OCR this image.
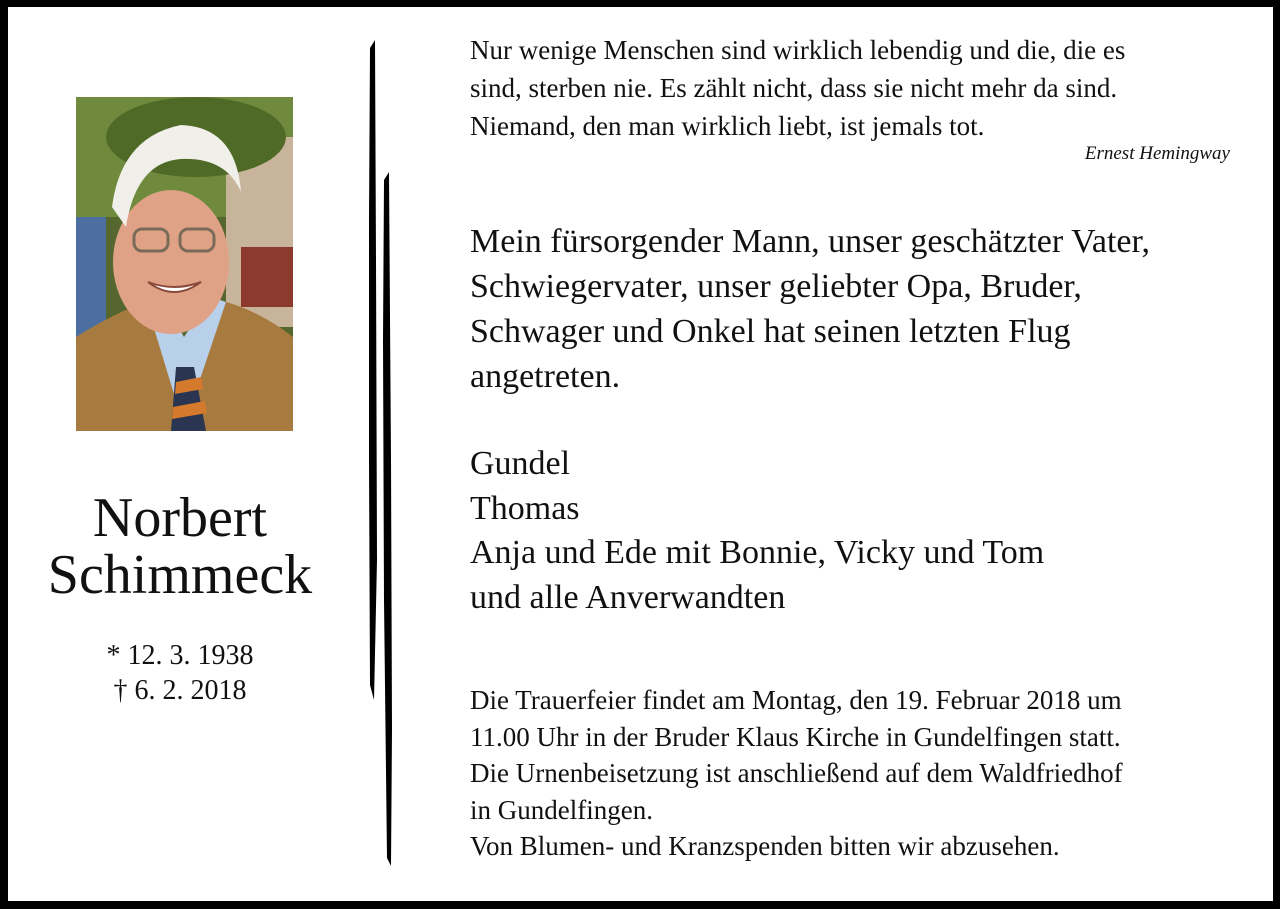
Norbert
Schimmeck
* 12. 3. 1938
† 6. 2. 2018
Nur wenige Menschen sind wirklich lebendig und die, die es
sind, sterben nie. Es zählt nicht, dass sie nicht mehr da sind.
Niemand, den man wirklich liebt, ist jemals tot.
Ernest Hemingway
Mein fürsorgender Mann, unser geschätzter Vater,
Schwiegervater, unser geliebter Opa, Bruder,
Schwager und Onkel hat seinen letzten Flug
angetreten.
Gundel
Thomas
Anja und Ede mit Bonnie, Vicky und Tom
und alle Anverwandten
Die Trauerfeier findet am Montag, den 19. Februar 2018 um
11.00 Uhr in der Bruder Klaus Kirche in Gundelfingen statt.
Die Urnenbeisetzung ist anschließend auf dem Waldfriedhof
in Gundelfingen.
Von Blumen- und Kranzspenden bitten wir abzusehen.
